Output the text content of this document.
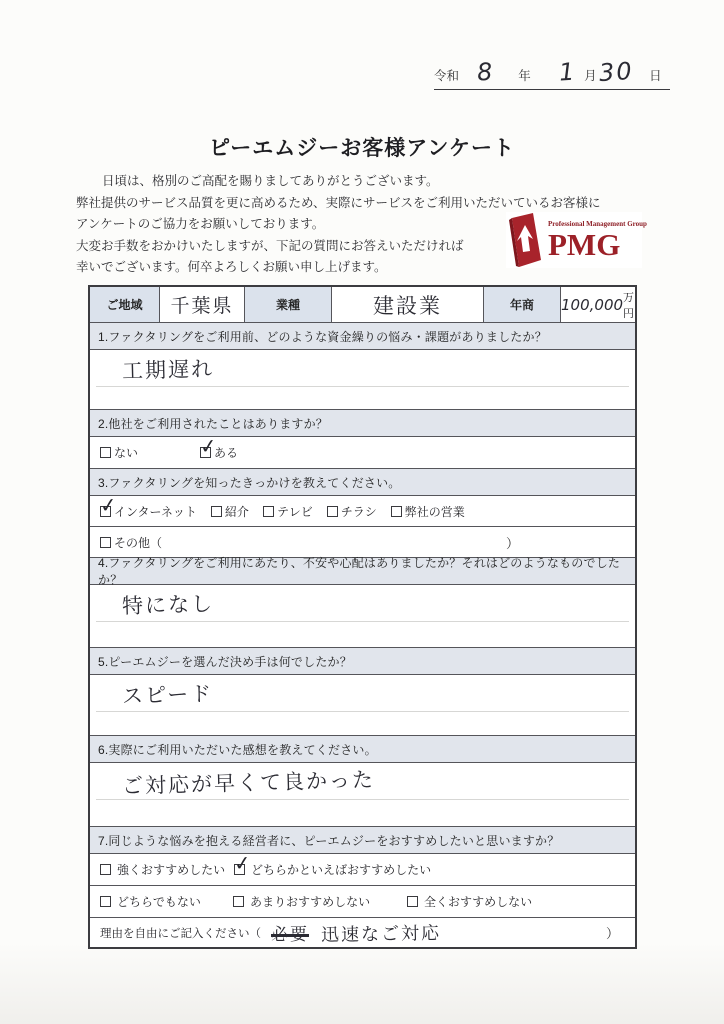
令和 8 年 1 月 30 日
ピーエムジーお客様アンケート
日頃は、格別のご高配を賜りましてありがとうございます。
弊社提供のサービス品質を更に高めるため、実際にサービスをご利用いただいているお客様に
アンケートのご協力をお願いしております。
大変お手数をおかけいたしますが、下記の質問にお答えいただければ
幸いでございます。何卒よろしくお願い申し上げます。
Professional Management Group
PMG
ご地域	千葉県	業種	建設業	年商	100,000 万円
1.ファクタリングをご利用前、どのような資金繰りの悩み・課題がありましたか？
工期遅れ
2.他社をご利用されたことはありますか？
ない	✓
ある
3.ファクタリングを知ったきっかけを教えてください。
✓
インターネット 紹介 テレビ チラシ 弊社の営業
その他（	）
4.ファクタリングをご利用にあたり、不安や心配はありましたか？それはどのようなものでしたか？
特になし
5.ピーエムジーを選んだ決め手は何でしたか？
スピード
6.実際にご利用いただいた感想を教えてください。
ご対応が早くて良かった
7.同じような悩みを抱える経営者に、ピーエムジーをおすすめしたいと思いますか？
強くおすすめしたい ✓ どちらかといえばおすすめしたい
どちらでもない	あまりおすすめしない	全くおすすめしない
理由を自由にご記入ください（ 必要 迅速なご対応	）
